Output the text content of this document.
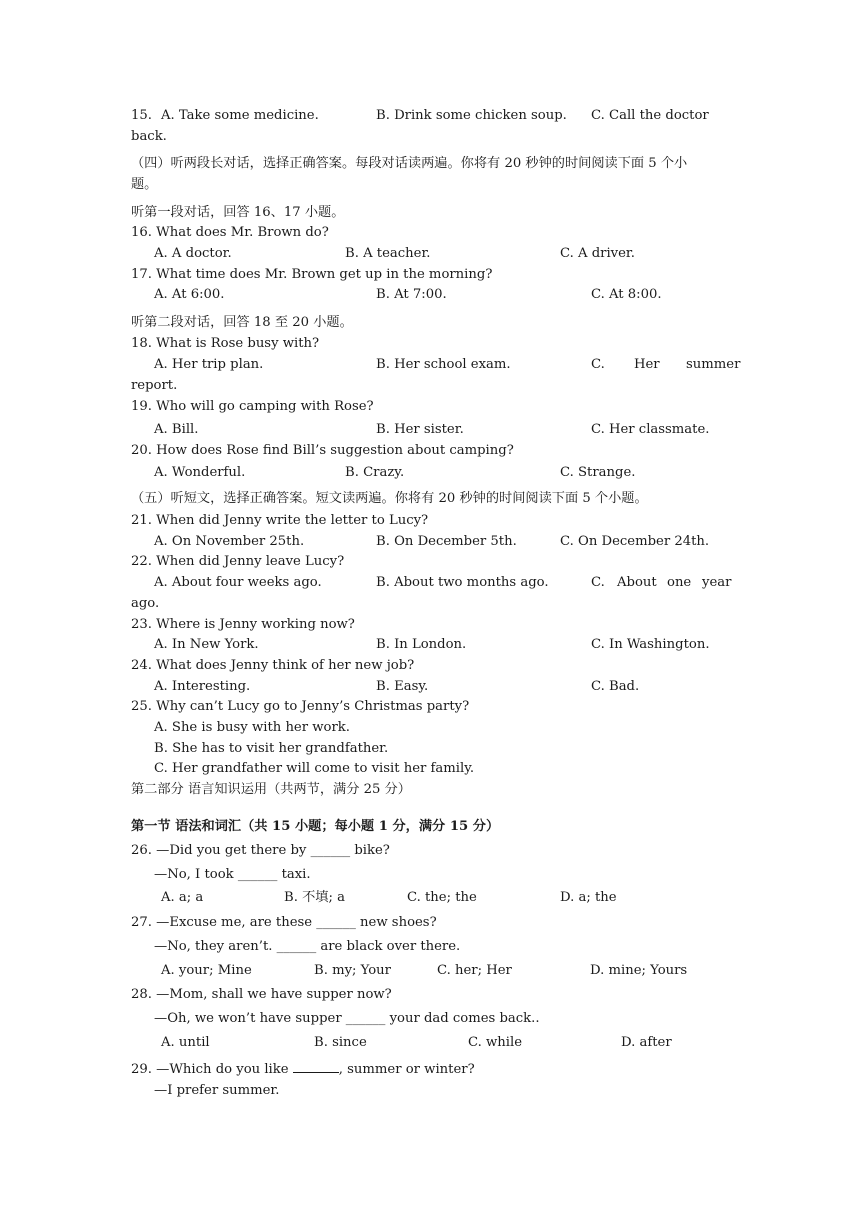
15. A. Take some medicine.	B. Drink some chicken soup. C. Call the doctor
back.
（四）听两段长对话，选择正确答案。每段对话读两遍。你将有 20 秒钟的时间阅读下面 5 个小
题。
听第一段对话，回答 16、17 小题。
16. What does Mr. Brown do?
A. A doctor.	B. A teacher.	C. A driver.
17. What time does Mr. Brown get up in the morning?
A. At 6:00.	B. At 7:00.	C. At 8:00.
听第二段对话，回答 18 至 20 小题。
18. What is Rose busy with?
A. Her trip plan.	B. Her school exam.	C. Her summer
report.
19. Who will go camping with Rose?
A. Bill.	B. Her sister.	C. Her classmate.
20. How does Rose find Bill’s suggestion about camping?
A. Wonderful.	B. Crazy.	C. Strange.
（五）听短文，选择正确答案。短文读两遍。你将有 20 秒钟的时间阅读下面 5 个小题。
21. When did Jenny write the letter to Lucy?
A. On November 25th.	B. On December 5th.	C. On December 24th.
22. When did Jenny leave Lucy?
A. About four weeks ago.	B. About two months ago.	C. About one year
ago.
23. Where is Jenny working now?
A. In New York.	B. In London.	C. In Washington.
24. What does Jenny think of her new job?
A. Interesting.	B. Easy.	C. Bad.
25. Why can’t Lucy go to Jenny’s Christmas party?
A. She is busy with her work.
B. She has to visit her grandfather.
C. Her grandfather will come to visit her family.
第二部分 语言知识运用（共两节，满分 25 分）
第一节 语法和词汇（共 15 小题；每小题 1 分，满分 15 分）
26. —Did you get there by ______ bike?
—No, I took ______ taxi.
A. a; a	B. 不填; a	C. the; the	D. a; the
27. —Excuse me, are these ______ new shoes?
—No, they aren’t. ______ are black over there.
A. your; Mine	B. my; Your	C. her; Her	D. mine; Yours
28. —Mom, shall we have supper now?
—Oh, we won’t have supper ______ your dad comes back..
A. until	B. since	C. while	D. after
29. —Which do you like	, summer or winter?
—I prefer summer.
